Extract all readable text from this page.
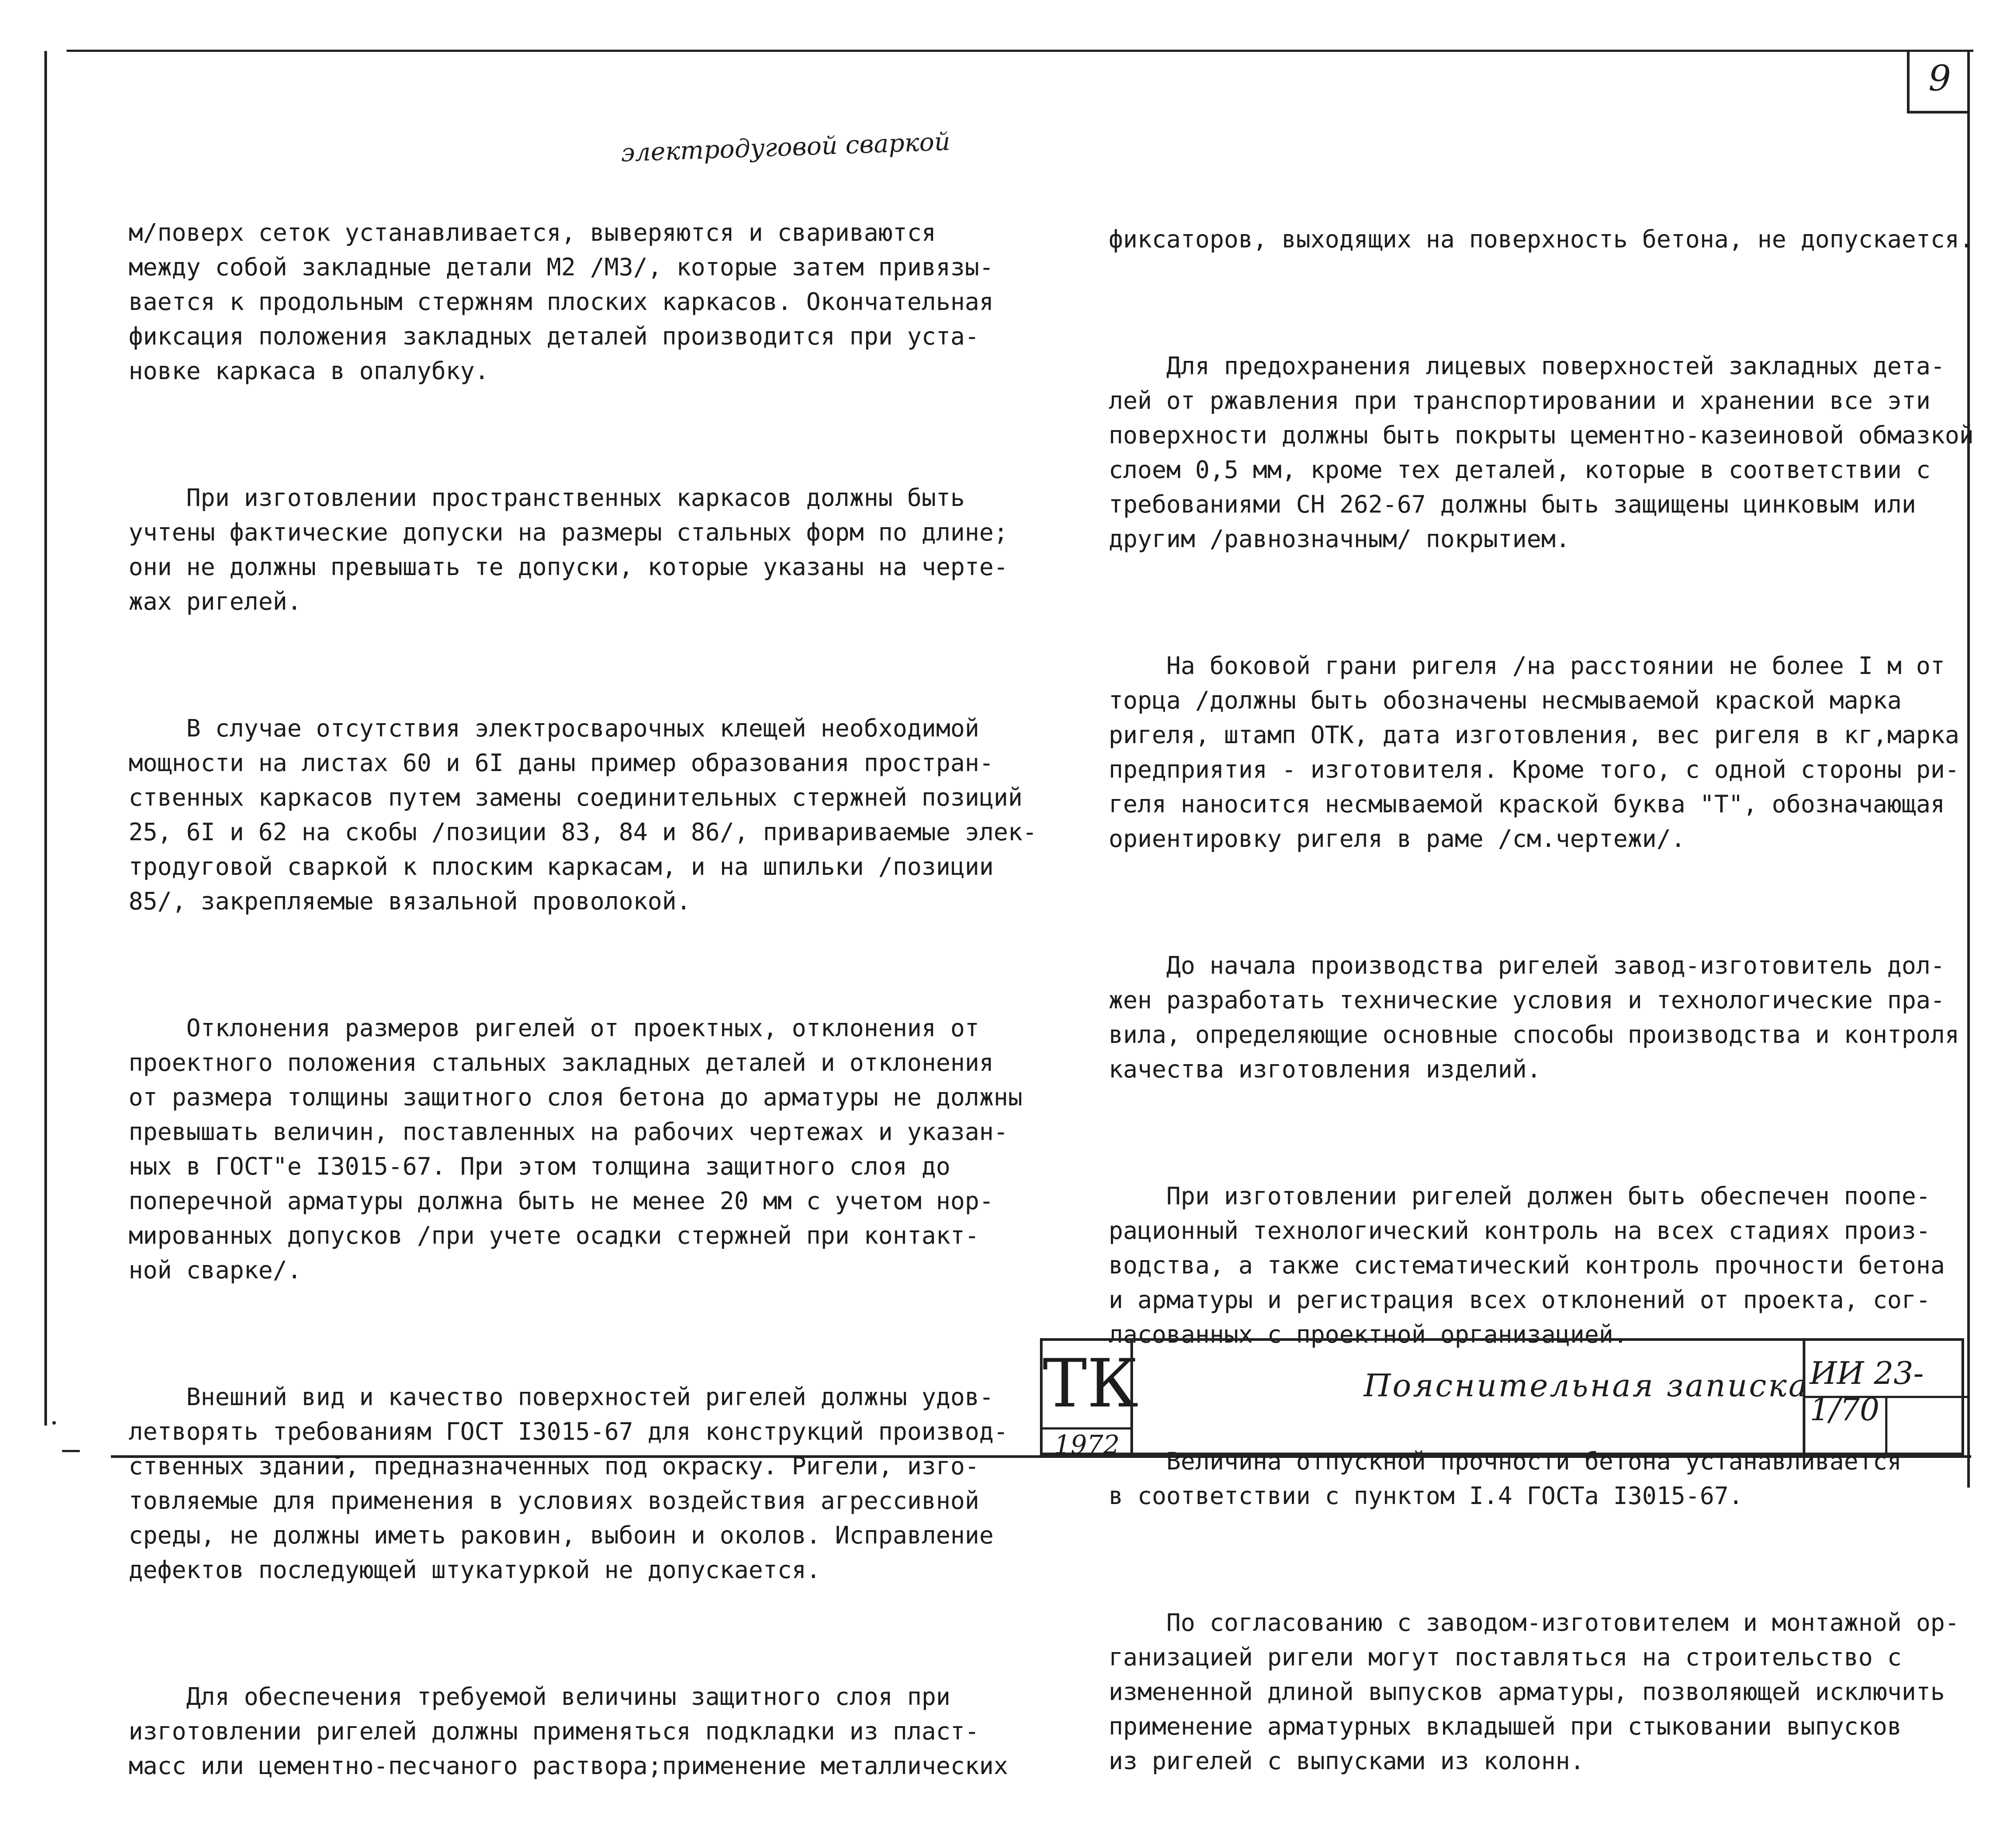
9
электродуговой сваркой

м/поверх сеток устанавливается, выверяются и свариваются
между собой закладные детали М2 /М3/, которые затем привязы-
вается к продольным стержням плоских каркасов. Окончательная
фиксация положения закладных деталей производится при уста-
новке каркаса в опалубку.

При изготовлении пространственных каркасов должны быть
учтены фактические допуски на размеры стальных форм по длине;
они не должны превышать те допуски, которые указаны на черте-
жах ригелей.

В случае отсутствия электросварочных клещей необходимой
мощности на листах 60 и 6I даны пример образования простран-
ственных каркасов путем замены соединительных стержней позиций
25, 6I и 62 на скобы /позиции 83, 84 и 86/, привариваемые элек-
тродуговой сваркой к плоским каркасам, и на шпильки /позиции
85/, закрепляемые вязальной проволокой.

Отклонения размеров ригелей от проектных, отклонения от
проектного положения стальных закладных деталей и отклонения
от размера толщины защитного слоя бетона до арматуры не должны
превышать величин, поставленных на рабочих чертежах и указан-
ных в ГОСТ"е I3015-67. При этом толщина защитного слоя до
поперечной арматуры должна быть не менее 20 мм с учетом нор-
мированных допусков /при учете осадки стержней при контакт-
ной сварке/.

Внешний вид и качество поверхностей ригелей должны удов-
летворять требованиям ГОСТ I3015-67 для конструкций производ-
ственных зданий, предназначенных под окраску. Ригели, изго-
товляемые для применения в условиях воздействия агрессивной
среды, не должны иметь раковин, выбоин и околов. Исправление
дефектов последующей штукатуркой не допускается.

Для обеспечения требуемой величины защитного слоя при
изготовлении ригелей должны применяться подкладки из пласт-
масс или цементно-песчаного раствора;применение металлических

фиксаторов, выходящих на поверхность бетона, не допускается.

Для предохранения лицевых поверхностей закладных дета-
лей от ржавления при транспортировании и хранении все эти
поверхности должны быть покрыты цементно-казеиновой обмазкой
слоем 0,5 мм, кроме тех деталей, которые в соответствии с
требованиями СН 262-67 должны быть защищены цинковым или
другим /равнозначным/ покрытием.

На боковой грани ригеля /на расстоянии не более I м от
торца /должны быть обозначены несмываемой краской марка
ригеля, штамп ОТК, дата изготовления, вес ригеля в кг,марка
предприятия - изготовителя. Кроме того, с одной стороны ри-
геля наносится несмываемой краской буква "Т", обозначающая
ориентировку ригеля в раме /см.чертежи/.

До начала производства ригелей завод-изготовитель дол-
жен разработать технические условия и технологические пра-
вила, определяющие основные способы производства и контроля
качества изготовления изделий.

При изготовлении ригелей должен быть обеспечен поопе-
рационный технологический контроль на всех стадиях произ-
водства, а также систематический контроль прочности бетона
и арматуры и регистрация всех отклонений от проекта, сог-
ласованных с проектной организацией.

Величина отпускной прочности бетона устанавливается
в соответствии с пунктом I.4 ГОСТа I3015-67.

По согласованию с заводом-изготовителем и монтажной ор-
ганизацией ригели могут поставляться на строительство с
измененной длиной выпусков арматуры, позволяющей исключить
применение арматурных вкладышей при стыковании выпусков
из ригелей с выпусками из колонн.

ТК
1972
Пояснительная записка ИИ 23-1/70
